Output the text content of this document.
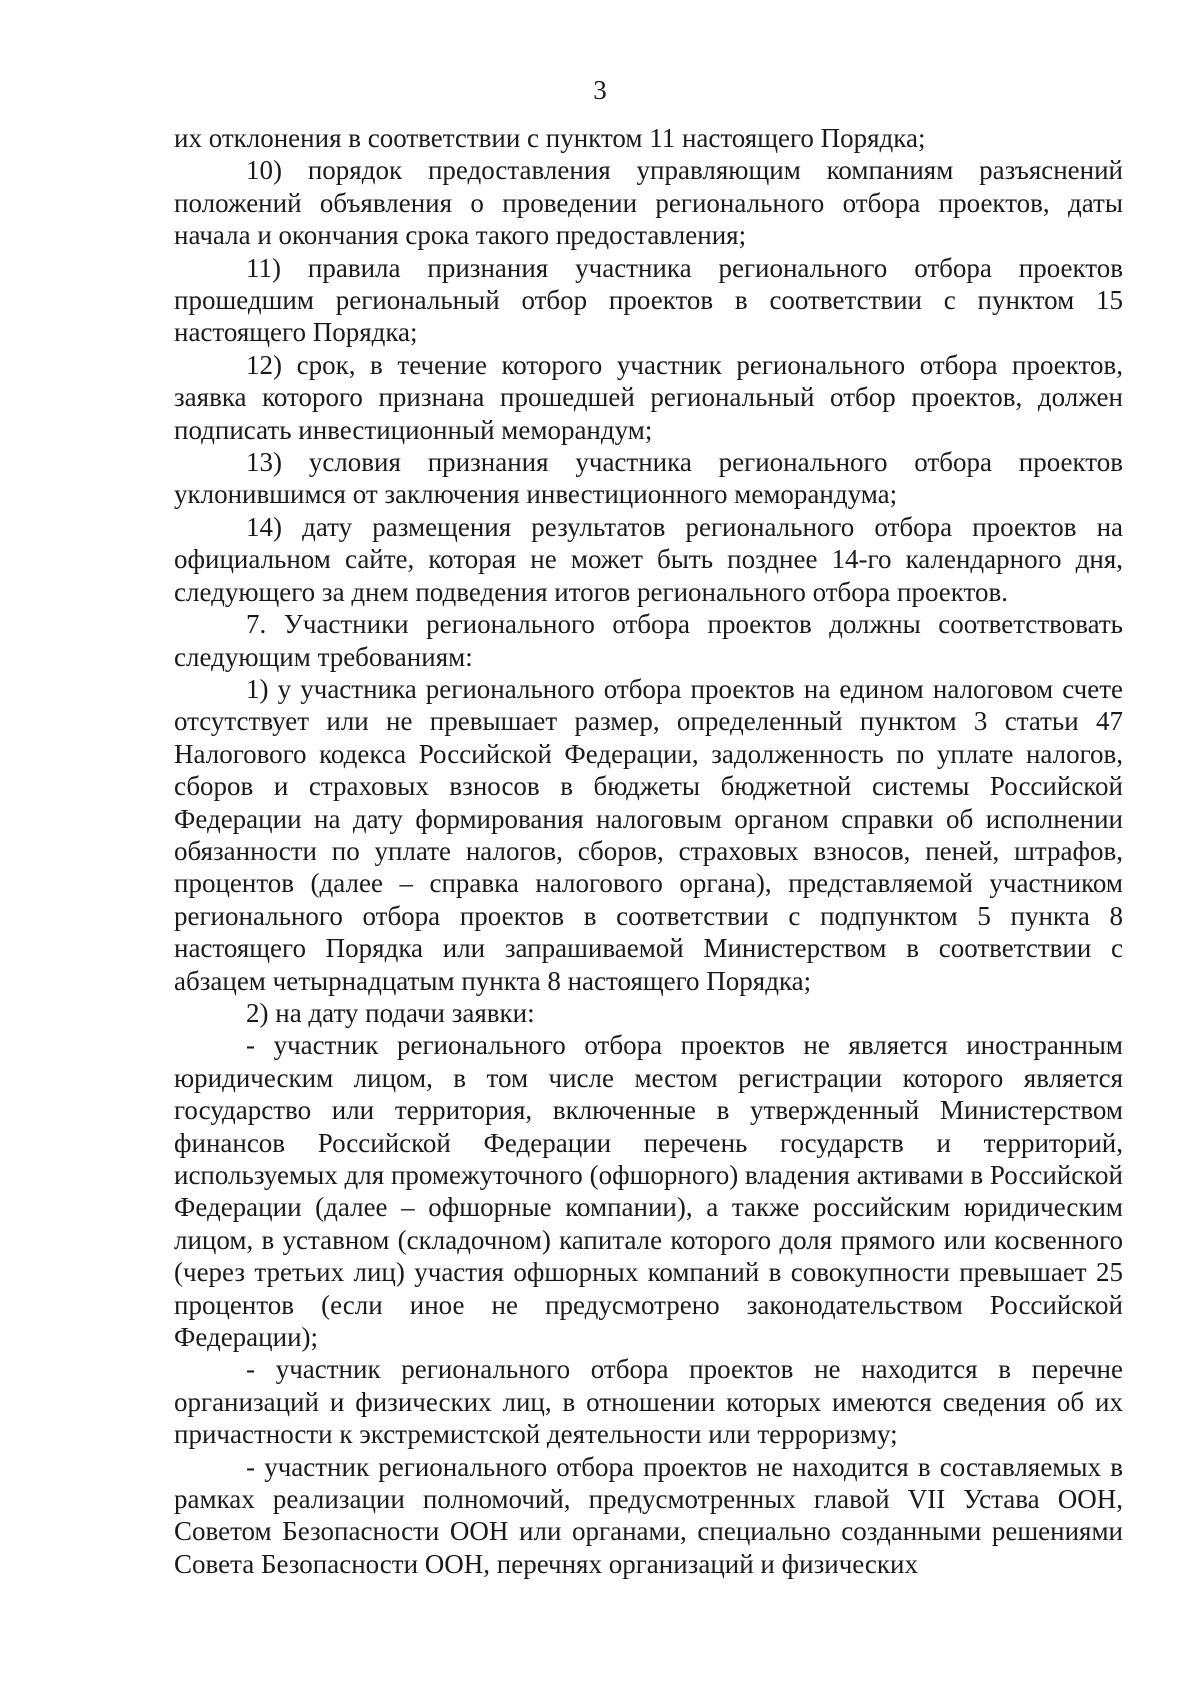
3

их отклонения в соответствии с пунктом 11 настоящего Порядка;

10) порядок предоставления управляющим компаниям разъяснений положений объявления о проведении регионального отбора проектов, даты начала и окончания срока такого предоставления;

11) правила признания участника регионального отбора проектов прошедшим региональный отбор проектов в соответствии с пунктом 15 настоящего Порядка;

12) срок, в течение которого участник регионального отбора проектов, заявка которого признана прошедшей региональный отбор проектов, должен подписать инвестиционный меморандум;

13) условия признания участника регионального отбора проектов уклонившимся от заключения инвестиционного меморандума;

14) дату размещения результатов регионального отбора проектов на официальном сайте, которая не может быть позднее 14-го календарного дня, следующего за днем подведения итогов регионального отбора проектов.

7. Участники регионального отбора проектов должны соответствовать следующим требованиям:

1) у участника регионального отбора проектов на едином налоговом счете отсутствует или не превышает размер, определенный пунктом 3 статьи 47 Налогового кодекса Российской Федерации, задолженность по уплате налогов, сборов и страховых взносов в бюджеты бюджетной системы Российской Федерации на дату формирования налоговым органом справки об исполнении обязанности по уплате налогов, сборов, страховых взносов, пеней, штрафов, процентов (далее – справка налогового органа), представляемой участником регионального отбора проектов в соответствии с подпунктом 5 пункта 8 настоящего Порядка или запрашиваемой Министерством в соответствии с абзацем четырнадцатым пункта 8 настоящего Порядка;

2) на дату подачи заявки:

- участник регионального отбора проектов не является иностранным юридическим лицом, в том числе местом регистрации которого является государство или территория, включенные в утвержденный Министерством финансов Российской Федерации перечень государств и территорий, используемых для промежуточного (офшорного) владения активами в Российской Федерации (далее – офшорные компании), а также российским юридическим лицом, в уставном (складочном) капитале которого доля прямого или косвенного (через третьих лиц) участия офшорных компаний в совокупности превышает 25 процентов (если иное не предусмотрено законодательством Российской Федерации);

- участник регионального отбора проектов не находится в перечне организаций и физических лиц, в отношении которых имеются сведения об их причастности к экстремистской деятельности или терроризму;

- участник регионального отбора проектов не находится в составляемых в рамках реализации полномочий, предусмотренных главой VII Устава ООН, Советом Безопасности ООН или органами, специально созданными решениями Совета Безопасности ООН, перечнях организаций и физических
